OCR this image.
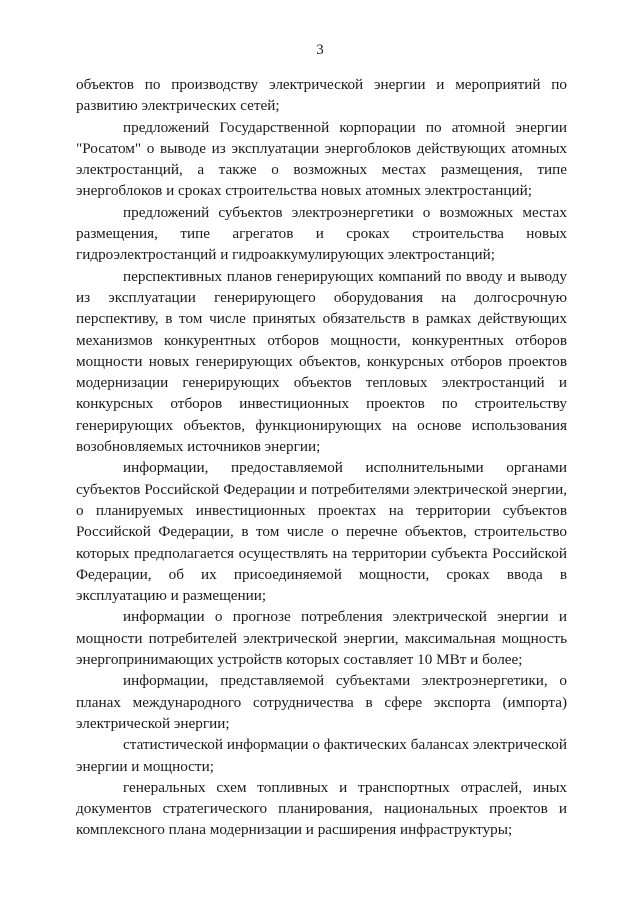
3

объектов по производству электрической энергии и мероприятий по развитию электрических сетей;

предложений Государственной корпорации по атомной энергии "Росатом" о выводе из эксплуатации энергоблоков действующих атомных электростанций, а также о возможных местах размещения, типе энергоблоков и сроках строительства новых атомных электростанций;

предложений субъектов электроэнергетики о возможных местах размещения, типе агрегатов и сроках строительства новых гидроэлектростанций и гидроаккумулирующих электростанций;

перспективных планов генерирующих компаний по вводу и выводу из эксплуатации генерирующего оборудования на долгосрочную перспективу, в том числе принятых обязательств в рамках действующих механизмов конкурентных отборов мощности, конкурентных отборов мощности новых генерирующих объектов, конкурсных отборов проектов модернизации генерирующих объектов тепловых электростанций и конкурсных отборов инвестиционных проектов по строительству генерирующих объектов, функционирующих на основе использования возобновляемых источников энергии;

информации, предоставляемой исполнительными органами субъектов Российской Федерации и потребителями электрической энергии, о планируемых инвестиционных проектах на территории субъектов Российской Федерации, в том числе о перечне объектов, строительство которых предполагается осуществлять на территории субъекта Российской Федерации, об их присоединяемой мощности, сроках ввода в эксплуатацию и размещении;

информации о прогнозе потребления электрической энергии и мощности потребителей электрической энергии, максимальная мощность энергопринимающих устройств которых составляет 10 МВт и более;

информации, представляемой субъектами электроэнергетики, о планах международного сотрудничества в сфере экспорта (импорта) электрической энергии;

статистической информации о фактических балансах электрической энергии и мощности;

генеральных схем топливных и транспортных отраслей, иных документов стратегического планирования, национальных проектов и комплексного плана модернизации и расширения инфраструктуры;
